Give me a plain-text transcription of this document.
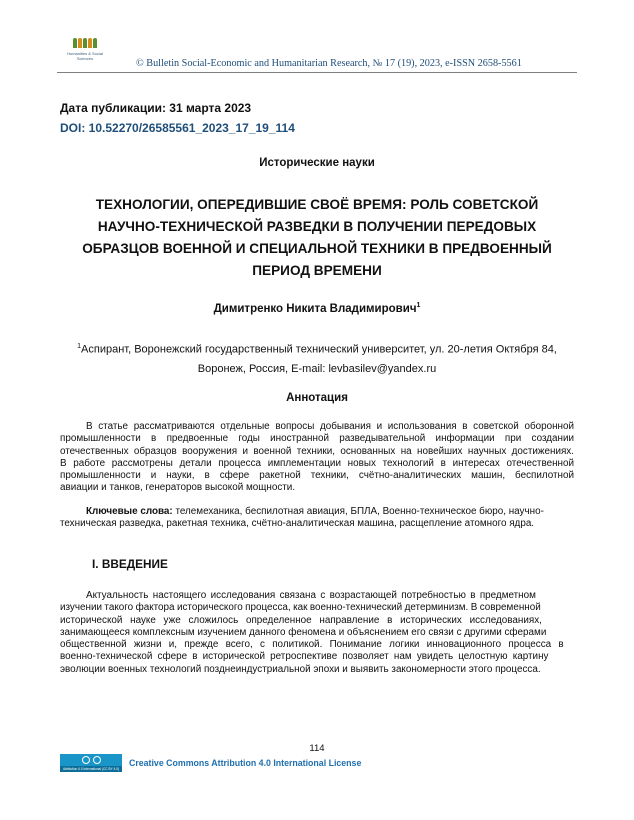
Humanities & Social Sciences	© Bulletin Social-Economic and Humanitarian Research, № 17 (19), 2023, e-ISSN 2658-5561
Дата публикации: 31 марта 2023
DOI: 10.52270/26585561_2023_17_19_114
Исторические науки
ТЕХНОЛОГИИ, ОПЕРЕДИВШИЕ СВОЁ ВРЕМЯ: РОЛЬ СОВЕТСКОЙ
НАУЧНО-ТЕХНИЧЕСКОЙ РАЗВЕДКИ В ПОЛУЧЕНИИ ПЕРЕДОВЫХ
ОБРАЗЦОВ ВОЕННОЙ И СПЕЦИАЛЬНОЙ ТЕХНИКИ В ПРЕДВОЕННЫЙ
ПЕРИОД ВРЕМЕНИ
Димитренко Никита Владимирович$^1$
$^1$Аспирант, Воронежский государственный технический университет, ул. 20-летия Октября 84,
Воронеж, Россия, E-mail: levbasilev@yandex.ru
Аннотация
В статье рассматриваются отдельные вопросы добывания и использования в советской оборонной
промышленности в предвоенные годы иностранной разведывательной информации при создании
отечественных образцов вооружения и военной техники, основанных на новейших научных достижениях.
В работе рассмотрены детали процесса имплементации новых технологий в интересах отечественной
промышленности и науки, в сфере ракетной техники, счётно-аналитических машин, беспилотной
авиации и танков, генераторов высокой мощности.
Ключевые слова: телемеханика, беспилотная авиация, БПЛА, Военно-техническое бюро, научно-
техническая разведка, ракетная техника, счётно-аналитическая машина, расщепление атомного ядра.
I. ВВЕДЕНИЕ
Актуальность настоящего исследования связана с возрастающей потребностью в предметном
изучении такого фактора исторического процесса, как военно-технический детерминизм. В современной
исторической науке уже сложилось определенное направление в исторических исследованиях,
занимающееся комплексным изучением данного феномена и объяснением его связи с другими сферами
общественной жизни и, прежде всего, с политикой. Понимание логики инновационного процесса в
военно-технической сфере в исторической ретроспективе позволяет нам увидеть целостную картину
эволюции военных технологий позднеиндустриальной эпохи и выявить закономерности этого процесса.
114
Attribution 4.0 International (CC BY 4.0)
Creative Commons Attribution 4.0 International License
